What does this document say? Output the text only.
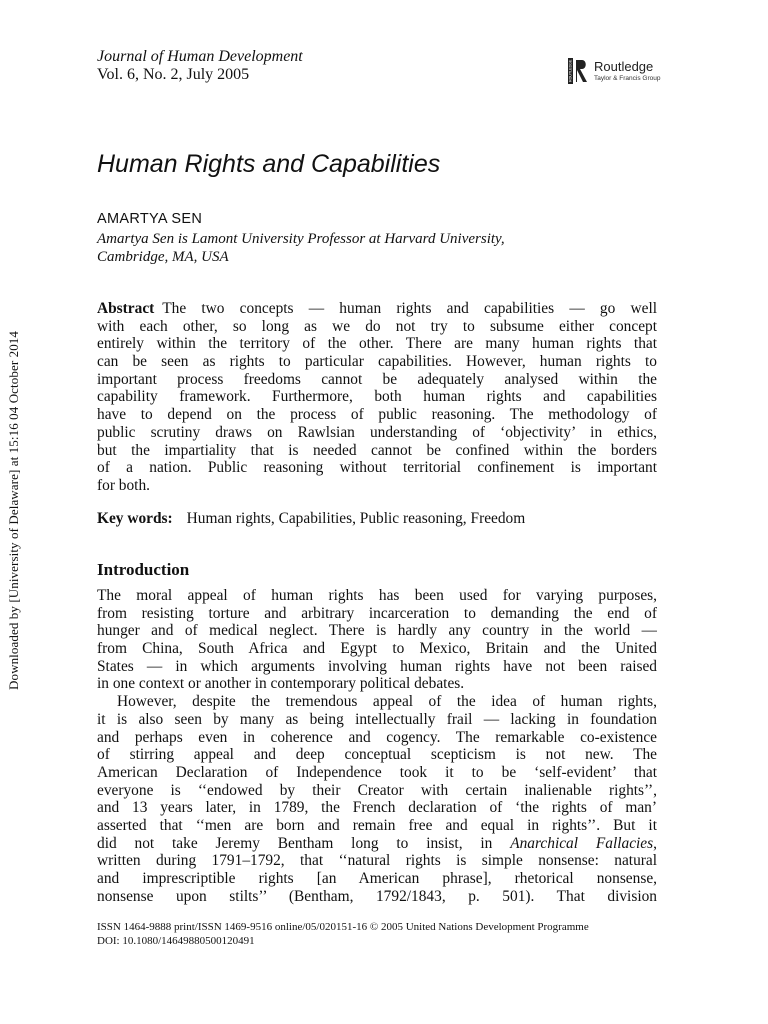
Journal of Human Development
Vol. 6, No. 2, July 2005	ROUTLEDGE Routledge
Taylor & Francis Group
Downloaded by [University of Delaware] at 15:16 04 October 2014
Human Rights and Capabilities
AMARTYA SEN
Amartya Sen is Lamont University Professor at Harvard University,
Cambridge, MA, USA
Abstract The two concepts — human rights and capabilities — go well
with each other, so long as we do not try to subsume either concept
entirely within the territory of the other. There are many human rights that
can be seen as rights to particular capabilities. However, human rights to
important process freedoms cannot be adequately analysed within the
capability framework. Furthermore, both human rights and capabilities
have to depend on the process of public reasoning. The methodology of
public scrutiny draws on Rawlsian understanding of ‘objectivity’ in ethics,
but the impartiality that is needed cannot be confined within the borders
of a nation. Public reasoning without territorial confinement is important
for both.
Key words: Human rights, Capabilities, Public reasoning, Freedom
Introduction
The moral appeal of human rights has been used for varying purposes,
from resisting torture and arbitrary incarceration to demanding the end of
hunger and of medical neglect. There is hardly any country in the world —
from China, South Africa and Egypt to Mexico, Britain and the United
States — in which arguments involving human rights have not been raised
in one context or another in contemporary political debates.
However, despite the tremendous appeal of the idea of human rights,
it is also seen by many as being intellectually frail — lacking in foundation
and perhaps even in coherence and cogency. The remarkable co-existence
of stirring appeal and deep conceptual scepticism is not new. The
American Declaration of Independence took it to be ‘self-evident’ that
everyone is ‘‘endowed by their Creator with certain inalienable rights’’,
and 13 years later, in 1789, the French declaration of ‘the rights of man’
asserted that ‘‘men are born and remain free and equal in rights’’. But it
did not take Jeremy Bentham long to insist, in Anarchical Fallacies,
written during 1791–1792, that ‘‘natural rights is simple nonsense: natural
and imprescriptible rights [an American phrase], rhetorical nonsense,
nonsense upon stilts’’ (Bentham, 1792/1843, p. 501). That division
ISSN 1464-9888 print/ISSN 1469-9516 online/05/020151-16 © 2005 United Nations Development Programme
DOI: 10.1080/14649880500120491
